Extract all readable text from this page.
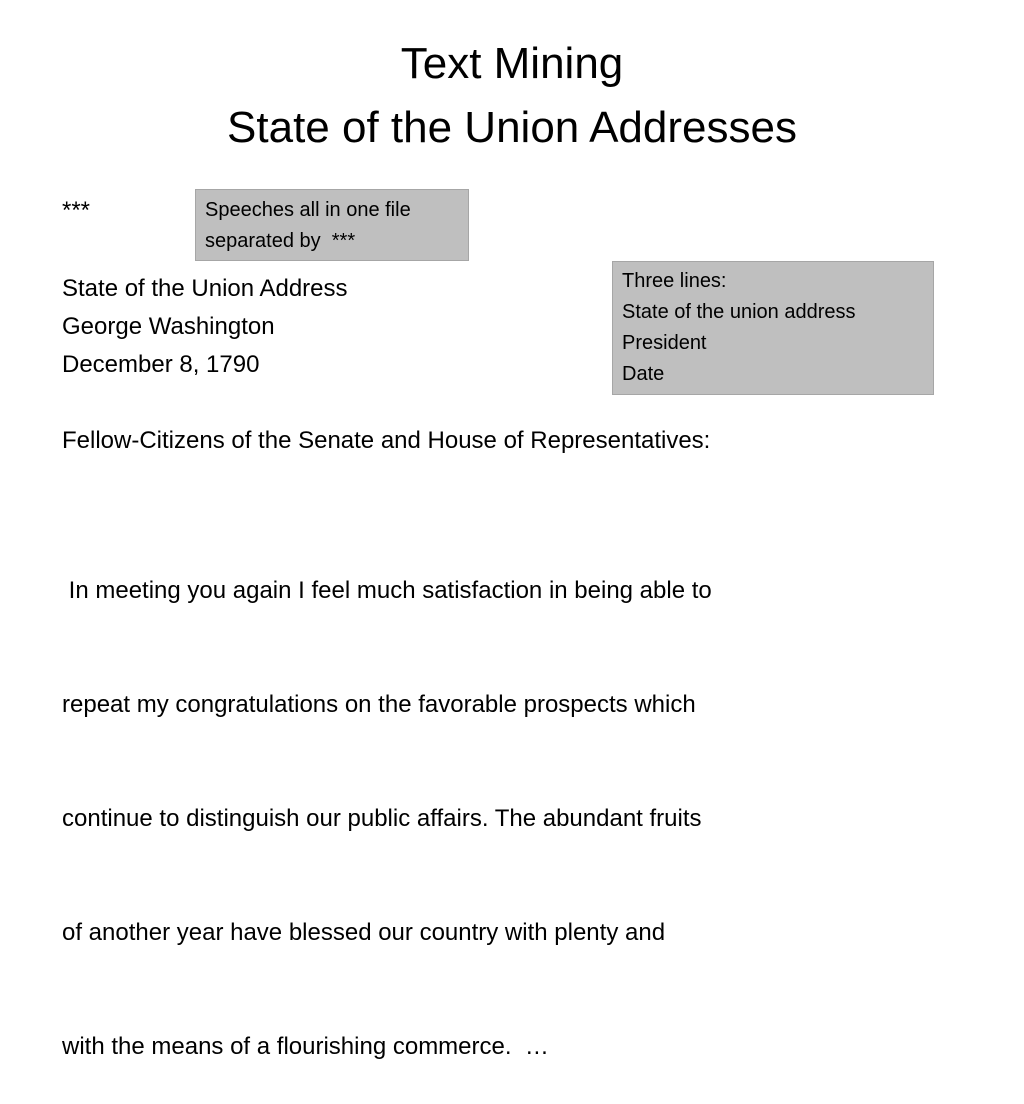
Text Mining
State of the Union Addresses
***	Speeches all in one file
separated by  ***
State of the Union Address
George Washington
December 8, 1790
Three lines:
State of the union address
President
Date
Fellow-Citizens of the Senate and House of Representatives:

In meeting you again I feel much satisfaction in being able to

repeat my congratulations on the favorable prospects which

continue to distinguish our public affairs. The abundant fruits

of another year have blessed our country with plenty and

with the means of a flourishing commerce.  …
